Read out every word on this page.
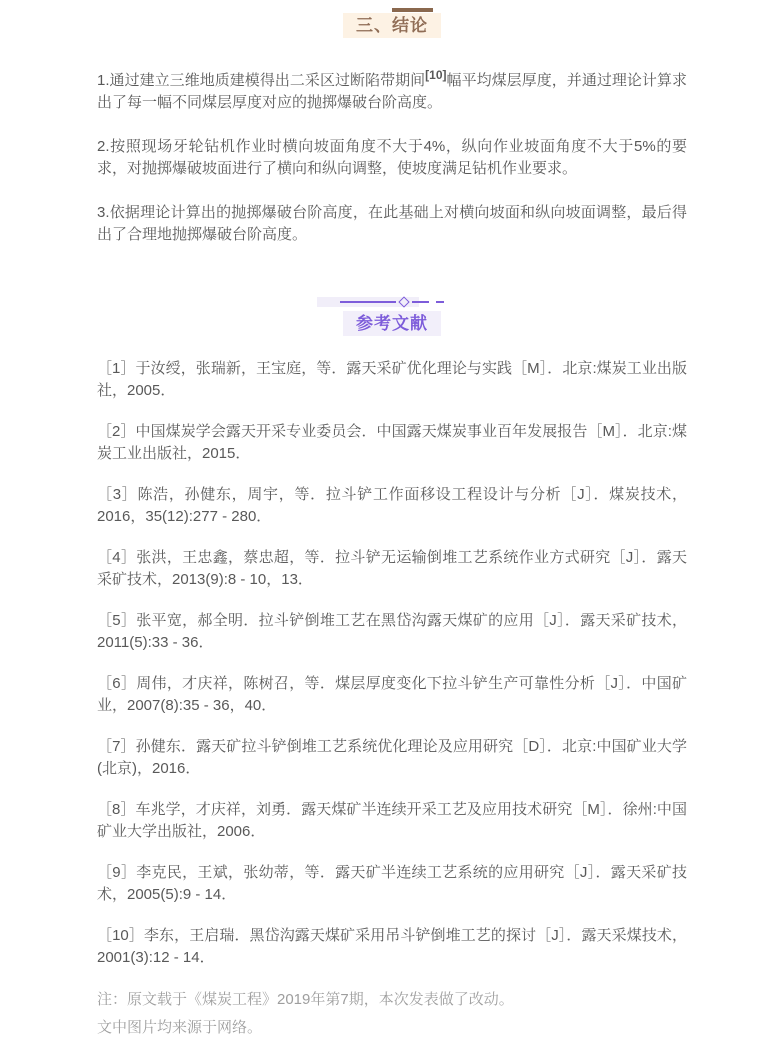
三、结论

1.通过建立三维地质建模得出二采区过断陷带期间[10]幅平均煤层厚度，并通过理论计算求出了每一幅不同煤层厚度对应的抛掷爆破台阶高度。

2.按照现场牙轮钻机作业时横向坡面角度不大于4%，纵向作业坡面角度不大于5%的要求，对抛掷爆破坡面进行了横向和纵向调整，使坡度满足钻机作业要求。

3.依据理论计算出的抛掷爆破台阶高度，在此基础上对横向坡面和纵向坡面调整，最后得出了合理地抛掷爆破台阶高度。

参考文献

［1］于汝绶，张瑞新，王宝庭，等．露天采矿优化理论与实践［M］．北京:煤炭工业出版社，2005．

［2］中国煤炭学会露天开采专业委员会．中国露天煤炭事业百年发展报告［M］．北京:煤炭工业出版社，2015．

［3］陈浩，孙健东，周宇，等．拉斗铲工作面移设工程设计与分析［J］．煤炭技术，2016，35(12):277 - 280．

［4］张洪，王忠鑫，蔡忠超，等．拉斗铲无运输倒堆工艺系统作业方式研究［J］．露天采矿技术，2013(9):8 - 10，13．

［5］张平宽，郝全明．拉斗铲倒堆工艺在黑岱沟露天煤矿的应用［J］．露天采矿技术，2011(5):33 - 36．

［6］周伟，才庆祥，陈树召，等．煤层厚度变化下拉斗铲生产可靠性分析［J］．中国矿业，2007(8):35 - 36，40．

［7］孙健东．露天矿拉斗铲倒堆工艺系统优化理论及应用研究［D］．北京:中国矿业大学(北京)，2016．

［8］车兆学，才庆祥，刘勇．露天煤矿半连续开采工艺及应用技术研究［M］．徐州:中国矿业大学出版社，2006．

［9］李克民，王斌，张幼蒂，等．露天矿半连续工艺系统的应用研究［J］．露天采矿技术，2005(5):9 - 14．

［10］李东，王启瑞．黑岱沟露天煤矿采用吊斗铲倒堆工艺的探讨［J］．露天采煤技术，2001(3):12 - 14．

注：原文载于《煤炭工程》2019年第7期，本次发表做了改动。

文中图片均来源于网络。
